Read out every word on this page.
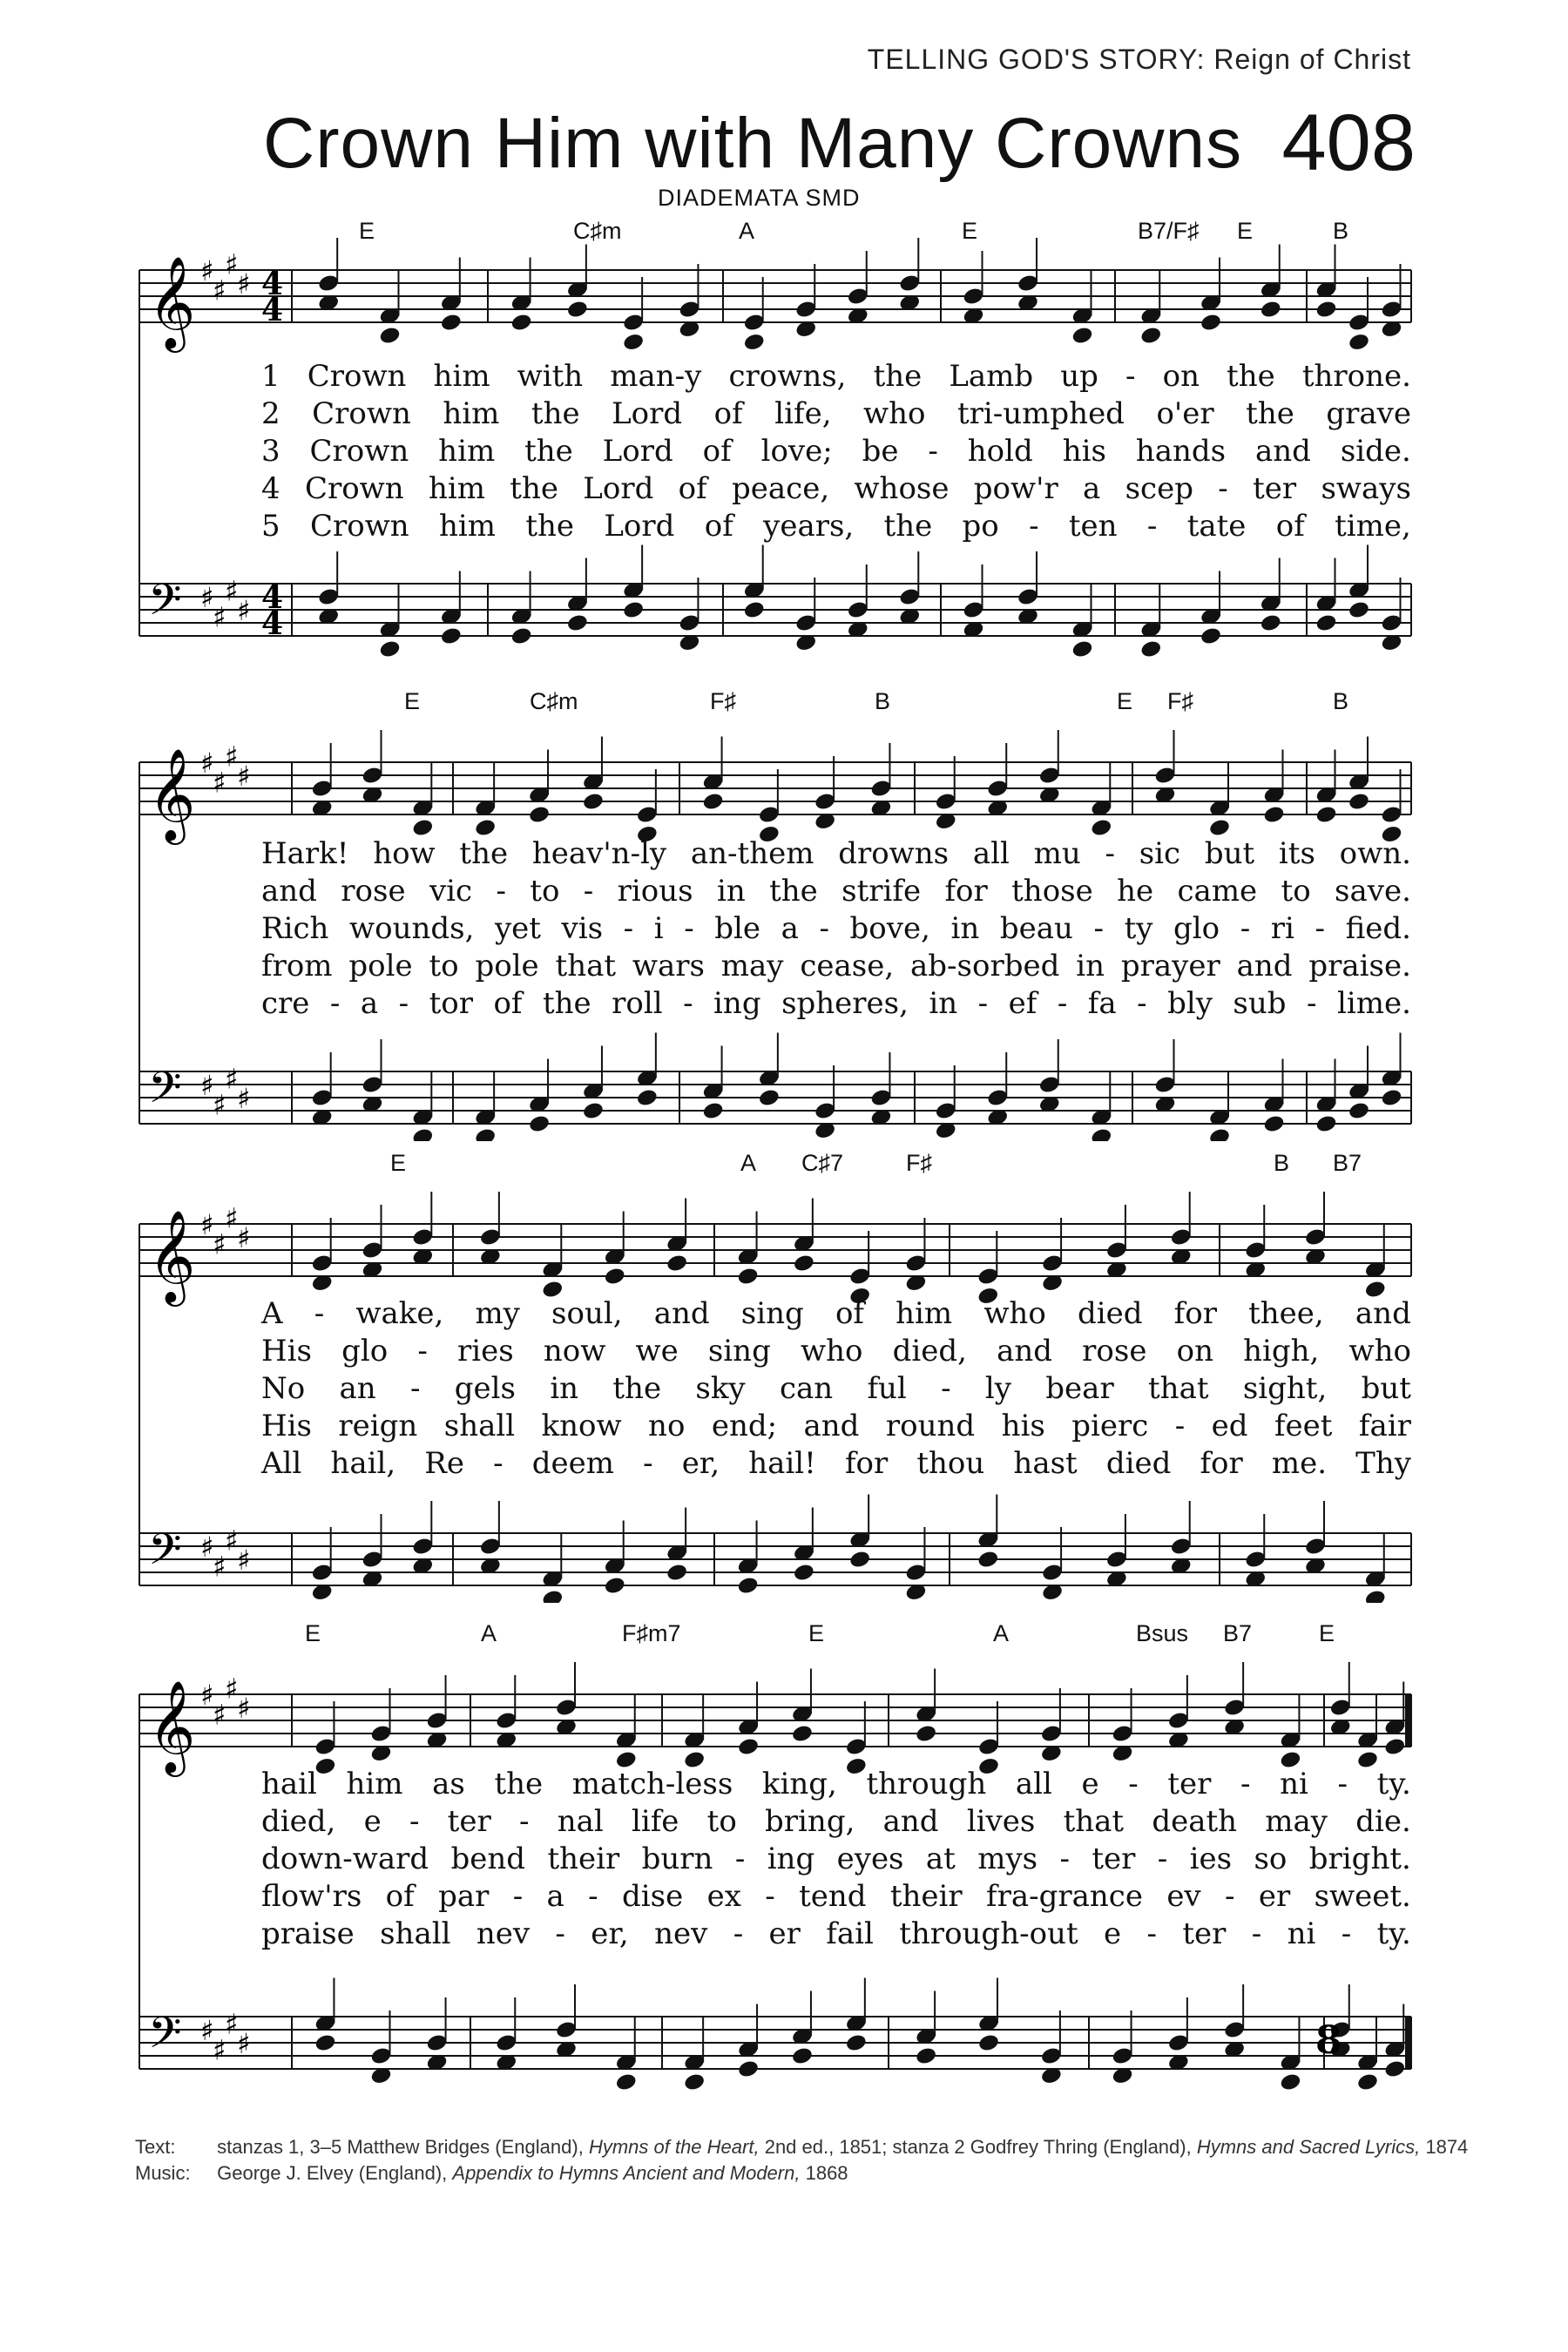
TELLING GOD'S STORY: Reign of Christ
Crown Him with Many Crowns 408
DIADEMATA SMD
E	C♯m	A	E	B7/F♯ E	B
𝄞 ♯
♯
♯
♯ 4
4
𝄢 ♯
♯
♯
♯ 4
4
1 Crown him with man-y crowns, the Lamb up - on the throne.
2 Crown him the Lord of life, who tri-umphed o'er the grave
3 Crown him the Lord of love; be - hold his hands and side.
4 Crown him the Lord of peace, whose pow'r a scep - ter sways
5 Crown him the Lord of years, the po - ten - tate of time,
E	C♯m	F♯	B	E F♯	B
𝄞 ♯
♯
♯
♯
𝄢 ♯
♯
♯
♯
Hark! how the heav'n-ly an-them drowns all mu - sic but its own.
and rose vic - to - rious in the strife for those he came to save.
Rich wounds, yet vis - i - ble a - bove, in beau - ty glo - ri - fied.
from pole to pole that wars may cease, ab-sorbed in prayer and praise.
cre - a - tor of the roll - ing spheres, in - ef - fa - bly sub - lime.
E	A C♯7	F♯	B B7
𝄞 ♯
♯
♯
♯
𝄢 ♯
♯
♯
♯
A - wake, my soul, and sing of him who died for thee, and
His glo - ries now we sing who died, and rose on high, who
No an - gels in the sky can ful - ly bear that sight, but
His reign shall know no end; and round his pierc - ed feet fair
All hail, Re - deem - er, hail! for thou hast died for me. Thy
E	A	F♯m7	E	A	Bsus B7	E
𝄞 ♯
♯
♯
♯
𝄢 ♯
♯
♯
♯	8
hail him as the match-less king, through all e - ter - ni - ty.
died, e - ter - nal life to bring, and lives that death may die.
down-ward bend their burn - ing eyes at mys - ter - ies so bright.
flow'rs of par - a - dise ex - tend their fra-grance ev - er sweet.
praise shall nev - er, nev - er fail through-out e - ter - ni - ty.
Text: stanzas 1, 3–5 Matthew Bridges (England), Hymns of the Heart, 2nd ed., 1851; stanza 2 Godfrey Thring (England), Hymns and Sacred Lyrics, 1874
Music: George J. Elvey (England), Appendix to Hymns Ancient and Modern, 1868
